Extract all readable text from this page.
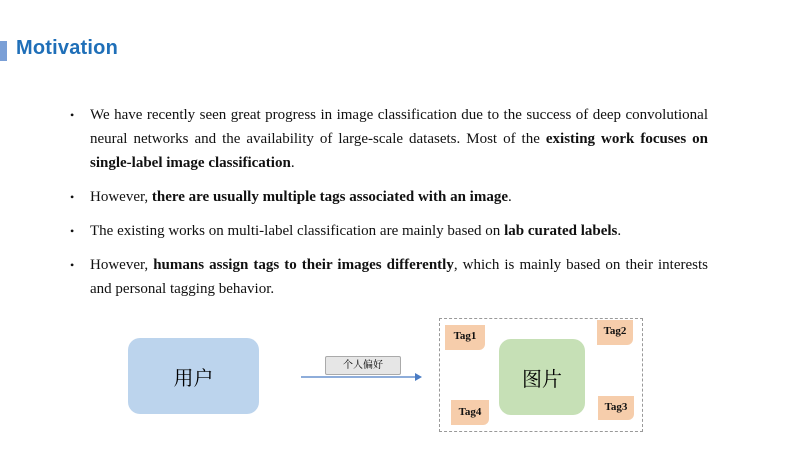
Motivation
• We have recently seen great progress in image classification due to the success of deep convolutional neural networks and the availability of large-scale datasets. Most of the existing work focuses on single-label image classification.
• However, there are usually multiple tags associated with an image.
• The existing works on multi-label classification are mainly based on lab curated labels.
• However, humans assign tags to their images differently, which is mainly based on their interests and personal tagging behavior.
用户	个人偏好
图片
Tag1	Tag2
Tag3
Tag4
